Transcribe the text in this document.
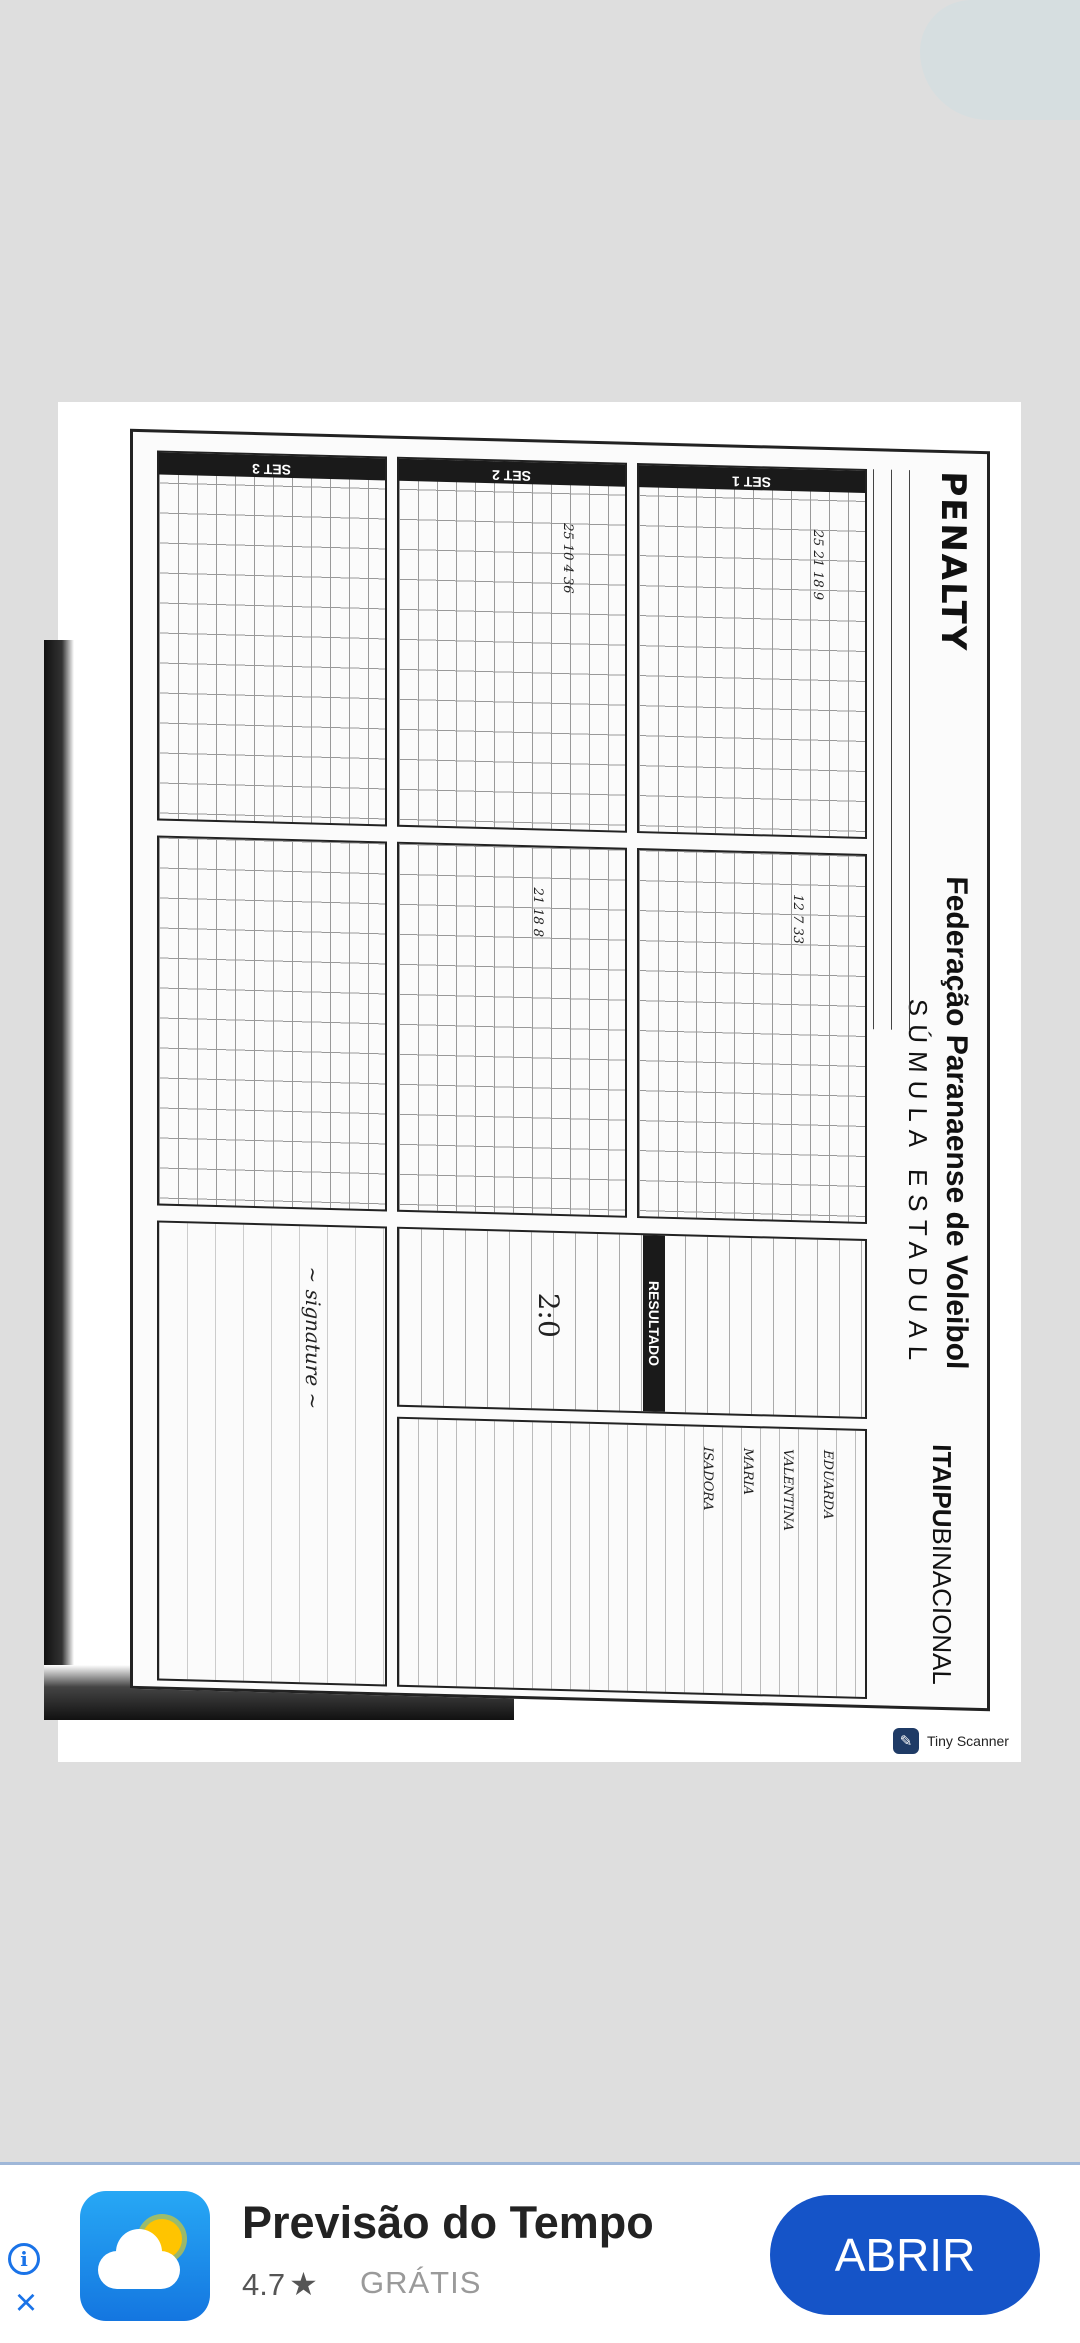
PENALTY
Federação Paranaense de Voleibol
SÚMULA ESTADUAL
ITAIPUBINACIONAL
SET 1
25 21 18 9
12 7 33
SET 2
25 10 4 36
21 18 8
SET 3
RESULTADO
2:0
EDUARDA
VALENTINA
MARIA
ISADORA
~ signature ~
✎	Tiny Scanner
i
×
Previsão do Tempo
4.7 ★ GRÁTIS
ABRIR
